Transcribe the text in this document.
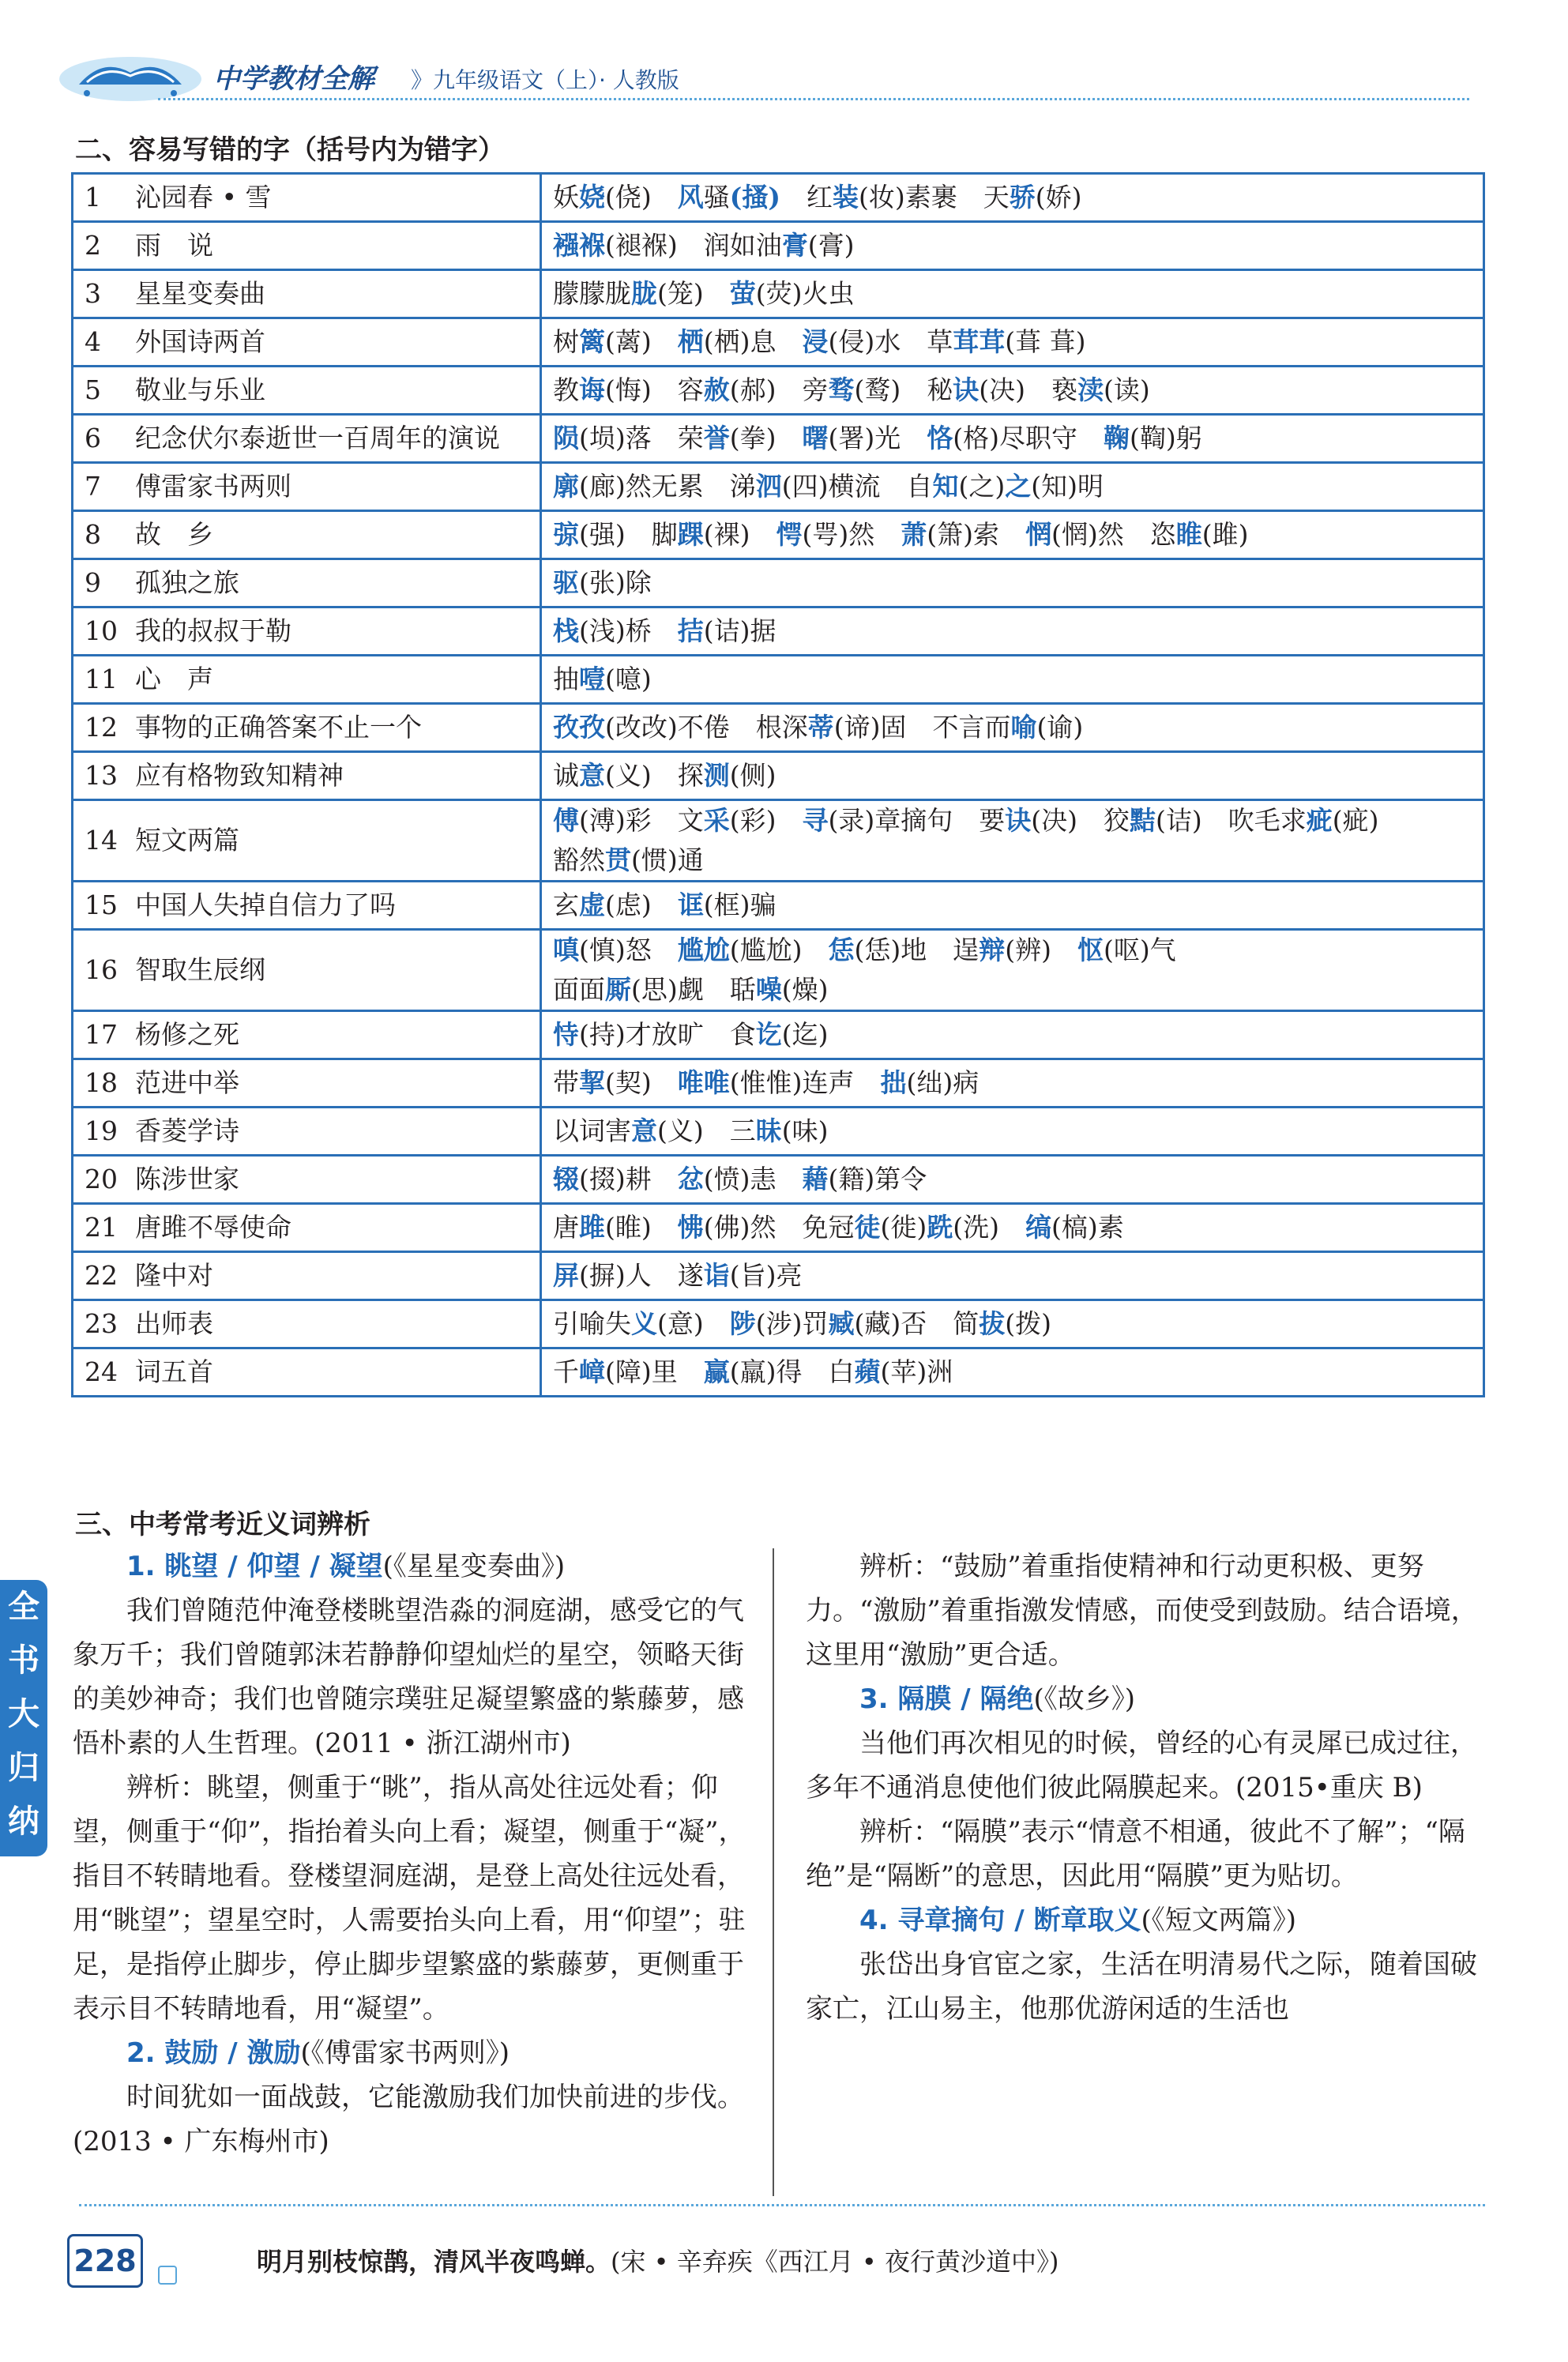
中学教材全解 》九年级语文（上）· 人教版
二、容易写错的字（括号内为错字）
1 沁园春 • 雪	妖娆(侥)　风骚(搔)　红装(妆)素裹　天骄(娇)

2 雨　说	襁褓(褪褓)　润如油膏(膏)

3 星星变奏曲	朦朦胧胧(笼)　萤(荧)火虫

4 外国诗两首	树篱(蓠)　栖(栖)息　浸(侵)水　草茸茸(葺 葺)

5 敬业与乐业	教诲(悔)　容赦(郝)　旁骛(鹜)　秘诀(决)　亵渎(读)

6 纪念伏尔泰逝世一百周年的演说	陨(埙)落　荣誉(拳)　曙(署)光　恪(格)尽职守　鞠(鞫)躬

7 傅雷家书两则	廓(廊)然无累　涕泗(四)横流　自知(之)之(知)明

8 故　乡	弶(强)　脚踝(裸)　愕(咢)然　萧(箫)索　惘(惘)然　恣睢(雎)

9 孤独之旅	驱(张)除

10 我的叔叔于勒	栈(浅)桥　拮(诘)据

11 心　声	抽噎(噫)

12 事物的正确答案不止一个	孜孜(改改)不倦　根深蒂(谛)固　不言而喻(谕)

13 应有格物致知精神	诚意(义)　探测(侧)

14 短文两篇	傅(溥)彩　文采(彩)　寻(录)章摘句　要诀(决)　狡黠(诘)　吹毛求疵(疵)
豁然贯(惯)通

15 中国人失掉自信力了吗	玄虚(虑)　诓(框)骗

16 智取生辰纲	嗔(慎)怒　尴尬(尴尬)　恁(恁)地　逞辩(辨)　怄(呕)气
面面厮(思)觑　聒噪(燥)

17 杨修之死	恃(持)才放旷　食讫(迄)

18 范进中举	带挈(契)　唯唯(惟惟)连声　拙(绌)病

19 香菱学诗	以词害意(义)　三昧(味)

20 陈涉世家	辍(掇)耕　忿(愤)恚　藉(籍)第令

21 唐雎不辱使命	唐雎(睢)　怫(佛)然　免冠徒(徙)跣(洗)　缟(槁)素

22 隆中对	屏(摒)人　遂诣(旨)亮

23 出师表	引喻失义(意)　陟(涉)罚臧(藏)否　简拔(拨)

24 词五首	千嶂(障)里　赢(羸)得　白蘋(苹)洲
三、中考常考近义词辨析

1. 眺望 / 仰望 / 凝望(《星星变奏曲》)

我们曾随范仲淹登楼眺望浩淼的洞庭湖，感受它的气象万千；我们曾随郭沫若静静仰望灿烂的星空，领略天街的美妙神奇；我们也曾随宗璞驻足凝望繁盛的紫藤萝，感悟朴素的人生哲理。(2011 • 浙江湖州市)

辨析：眺望，侧重于“眺”，指从高处往远处看；仰望，侧重于“仰”，指抬着头向上看；凝望，侧重于“凝”，指目不转睛地看。登楼望洞庭湖，是登上高处往远处看，用“眺望”；望星空时，人需要抬头向上看，用“仰望”；驻足，是指停止脚步，停止脚步望繁盛的紫藤萝，更侧重于表示目不转睛地看，用“凝望”。

2. 鼓励 / 激励(《傅雷家书两则》)

时间犹如一面战鼓，它能激励我们加快前进的步伐。(2013 • 广东梅州市)

辨析：“鼓励”着重指使精神和行动更积极、更努力。“激励”着重指激发情感，而使受到鼓励。结合语境，这里用“激励”更合适。

3. 隔膜 / 隔绝(《故乡》)

当他们再次相见的时候，曾经的心有灵犀已成过往，多年不通消息使他们彼此隔膜起来。(2015•重庆 B)

辨析：“隔膜”表示“情意不相通，彼此不了解”；“隔绝”是“隔断”的意思，因此用“隔膜”更为贴切。

4. 寻章摘句 / 断章取义(《短文两篇》)

张岱出身官宦之家，生活在明清易代之际，随着国破家亡，江山易主，他那优游闲适的生活也

全
书
大
归
纳
228	明月别枝惊鹊，清风半夜鸣蝉。(宋 • 辛弃疾《西江月 • 夜行黄沙道中》)
